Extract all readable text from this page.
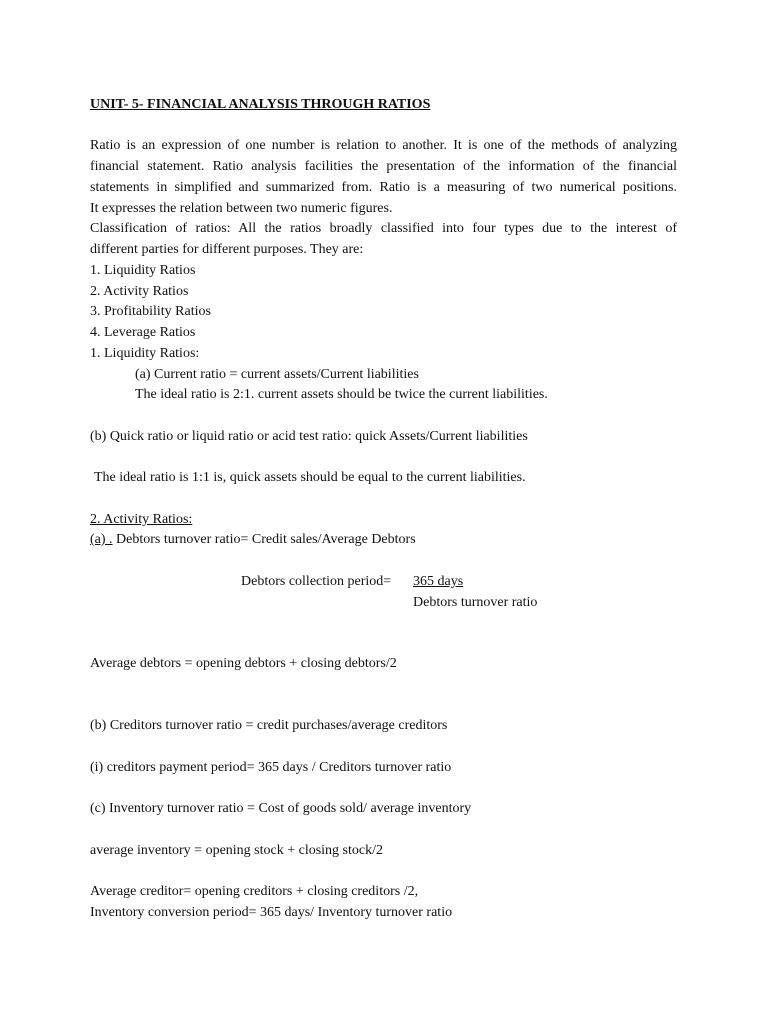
UNIT- 5- FINANCIAL ANALYSIS THROUGH RATIOS
Ratio is an expression of one number is relation to another. It is one of the methods of analyzing
financial statement. Ratio analysis facilities the presentation of the information of the financial
statements in simplified and summarized from. Ratio is a measuring of two numerical positions.
It expresses the relation between two numeric figures.
Classification of ratios: All the ratios broadly classified into four types due to the interest of
different parties for different purposes. They are:
1. Liquidity Ratios
2. Activity Ratios
3. Profitability Ratios
4. Leverage Ratios
1. Liquidity Ratios:
(a) Current ratio = current assets/Current liabilities
The ideal ratio is 2:1. current assets should be twice the current liabilities.
(b) Quick ratio or liquid ratio or acid test ratio: quick Assets/Current liabilities
The ideal ratio is 1:1 is, quick assets should be equal to the current liabilities.
2. Activity Ratios:
(a) . Debtors turnover ratio= Credit sales/Average Debtors
Debtors collection period= 365 days
Debtors turnover ratio
Average debtors = opening debtors + closing debtors/2
(b) Creditors turnover ratio = credit purchases/average creditors
(i) creditors payment period= 365 days / Creditors turnover ratio
(c) Inventory turnover ratio = Cost of goods sold/ average inventory
average inventory = opening stock + closing stock/2
Average creditor= opening creditors + closing creditors /2,
Inventory conversion period= 365 days/ Inventory turnover ratio
